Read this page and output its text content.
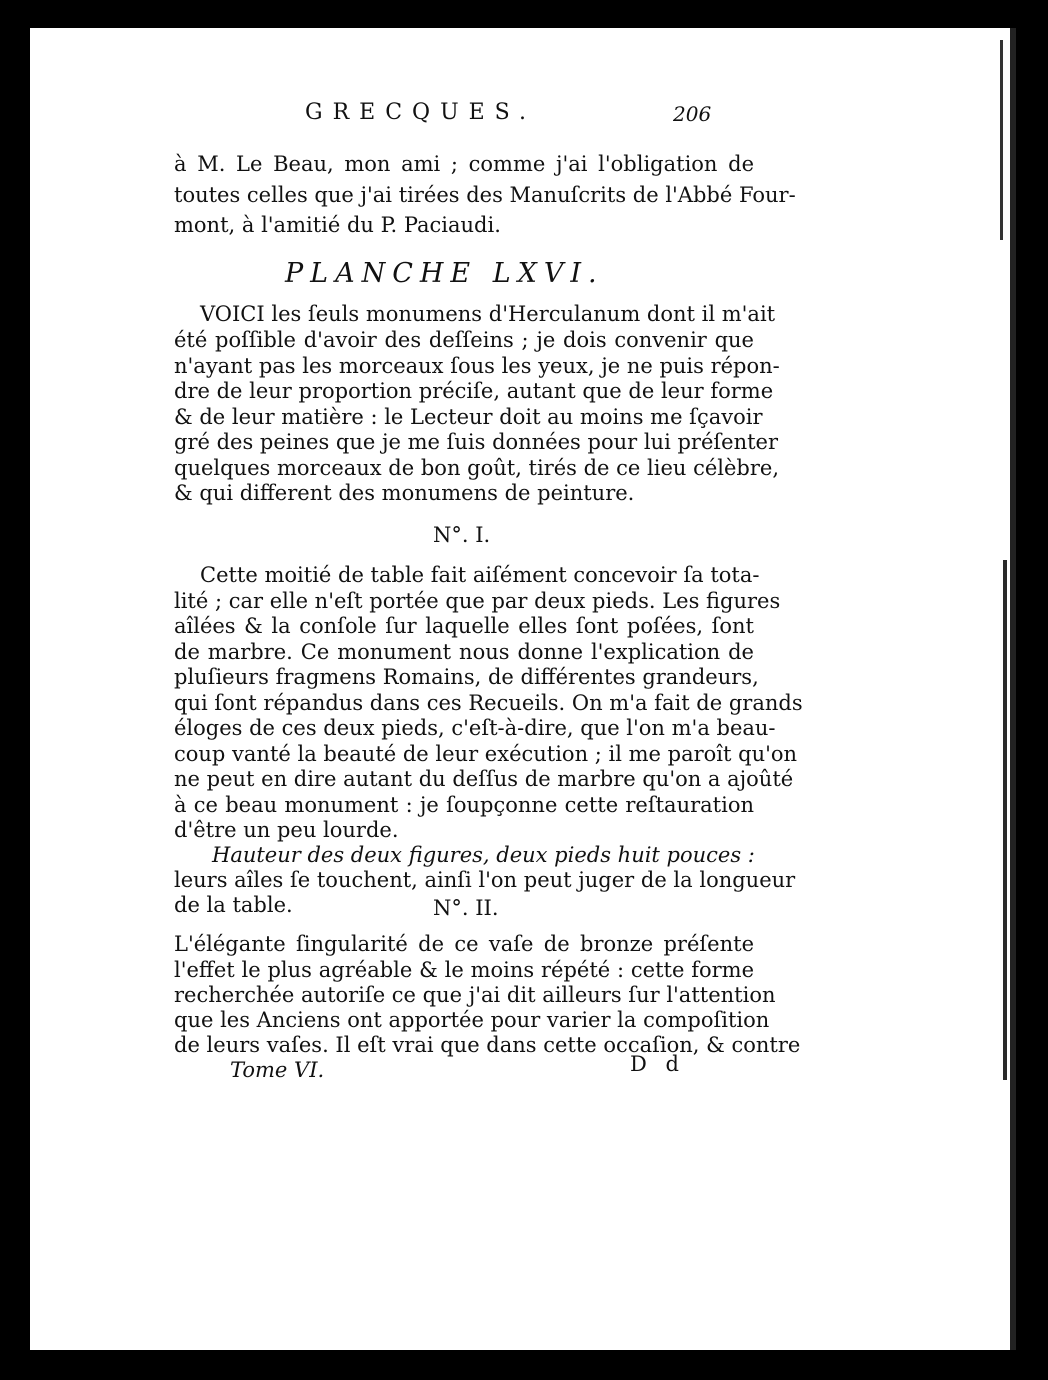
GRECQUES.	206
à M. Le Beau, mon ami ; comme j'ai l'obligation de
toutes celles que j'ai tirées des Manuſcrits de l'Abbé Four-
mont, à l'amitié du P. Paciaudi.
PLANCHE LXVI.
VOICI les ſeuls monumens d'Herculanum dont il m'ait
été poſſible d'avoir des deſſeins ; je dois convenir que
n'ayant pas les morceaux ſous les yeux, je ne puis répon-
dre de leur proportion préciſe, autant que de leur forme
& de leur matière : le Lecteur doit au moins me ſçavoir
gré des peines que je me ſuis données pour lui préſenter
quelques morceaux de bon goût, tirés de ce lieu célèbre,
& qui different des monumens de peinture.
N°. I.
Cette moitié de table fait aiſément concevoir ſa tota-
lité ; car elle n'eſt portée que par deux pieds. Les figures
aîlées & la conſole ſur laquelle elles ſont poſées, ſont
de marbre. Ce monument nous donne l'explication de
pluſieurs fragmens Romains, de différentes grandeurs,
qui ſont répandus dans ces Recueils. On m'a fait de grands
éloges de ces deux pieds, c'eſt-à-dire, que l'on m'a beau-
coup vanté la beauté de leur exécution ; il me paroît qu'on
ne peut en dire autant du deſſus de marbre qu'on a ajoûté
à ce beau monument : je ſoupçonne cette reſtauration
d'être un peu lourde.
Hauteur des deux figures, deux pieds huit pouces :
leurs aîles ſe touchent, ainſi l'on peut juger de la longueur
de la table.	N°. II.
L'élégante ſingularité de ce vaſe de bronze préſente
l'effet le plus agréable & le moins répété : cette forme
recherchée autoriſe ce que j'ai dit ailleurs ſur l'attention
que les Anciens ont apportée pour varier la compoſition
de leurs vaſes. Il eſt vrai que dans cette occaſion, & contre
Tome VI.	D d
